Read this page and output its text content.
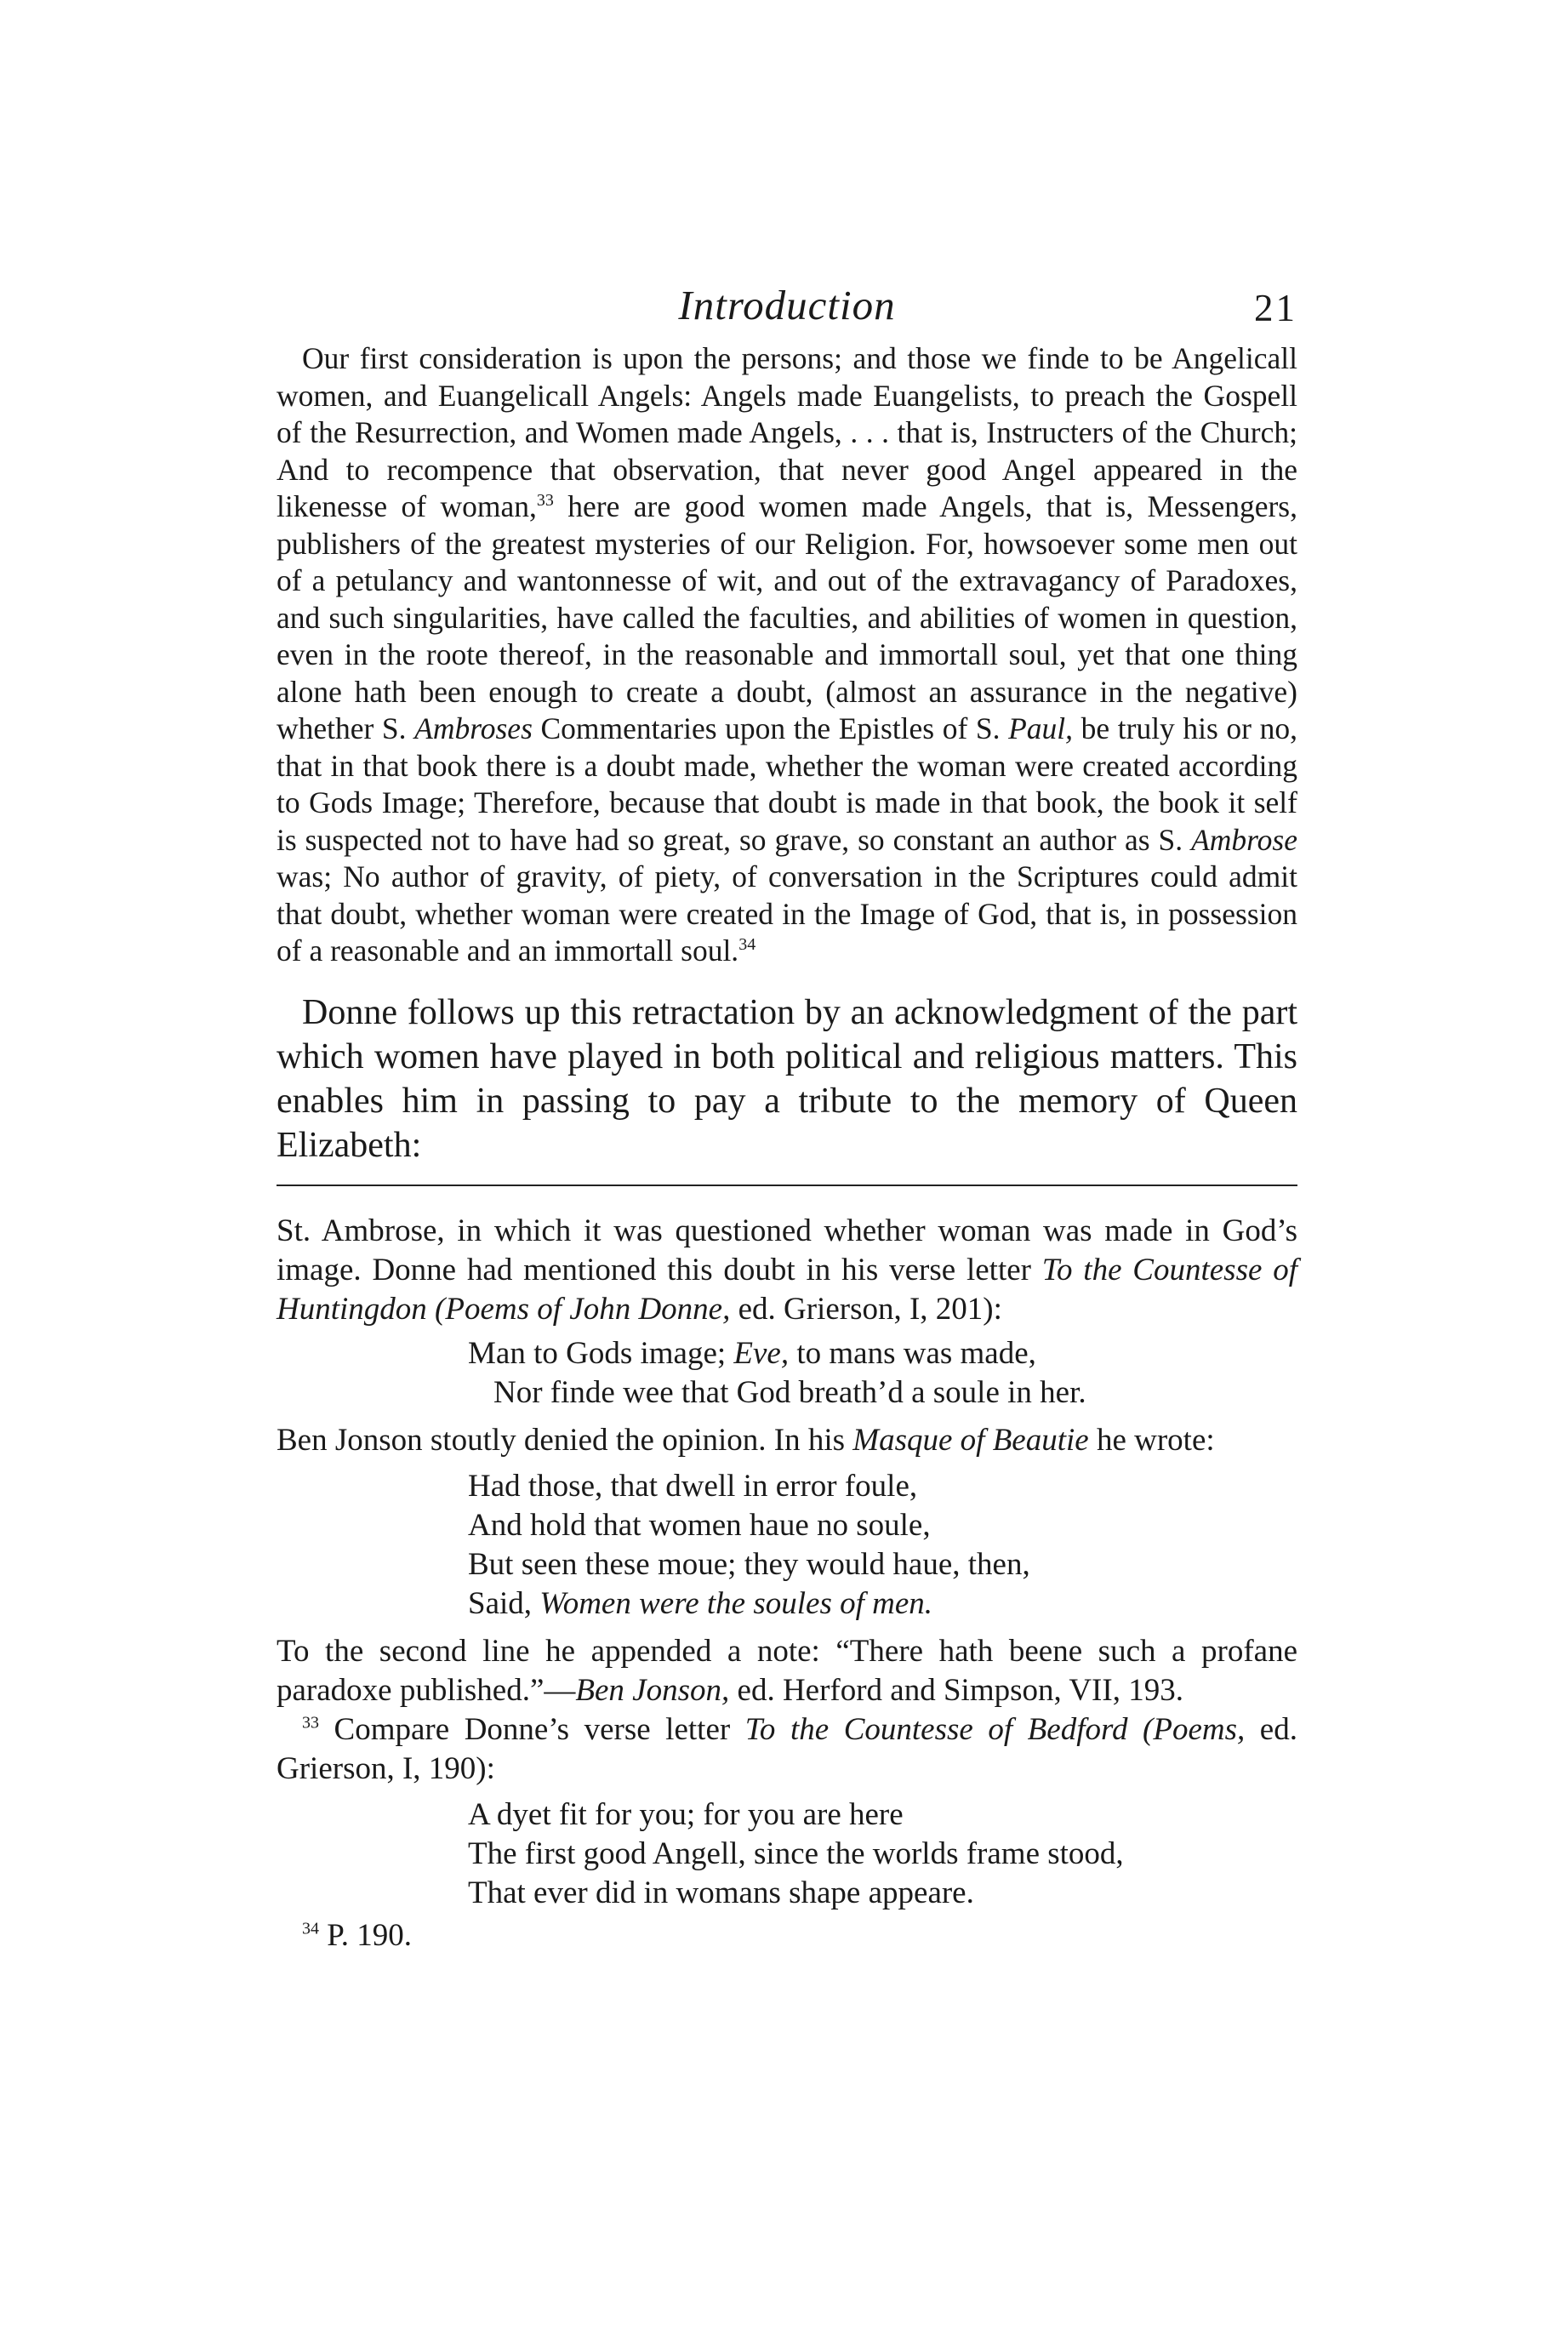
Introduction	21

Our first consideration is upon the persons; and those we finde to be Angelicall women, and Euangelicall Angels: Angels made Euangelists, to preach the Gospell of the Resurrection, and Women made Angels, . . . that is, Instructers of the Church; And to recompence that observation, that never good Angel appeared in the likenesse of woman,$^{33}$ here are good women made Angels, that is, Messengers, publishers of the greatest mysteries of our Religion. For, howsoever some men out of a petulancy and wantonnesse of wit, and out of the extravagancy of Paradoxes, and such singularities, have called the faculties, and abilities of women in question, even in the roote thereof, in the reasonable and immortall soul, yet that one thing alone hath been enough to create a doubt, (almost an assurance in the negative) whether S. Ambroses Commentaries upon the Epistles of S. Paul, be truly his or no, that in that book there is a doubt made, whether the woman were created according to Gods Image; Therefore, because that doubt is made in that book, the book it self is suspected not to have had so great, so grave, so constant an author as S. Ambrose was; No author of gravity, of piety, of conversation in the Scriptures could admit that doubt, whether woman were created in the Image of God, that is, in possession of a reasonable and an immortall soul.$^{34}$

Donne follows up this retractation by an acknowledgment of the part which women have played in both political and religious matters. This enables him in passing to pay a tribute to the memory of Queen Elizabeth:

St. Ambrose, in which it was questioned whether woman was made in God’s image. Donne had mentioned this doubt in his verse letter To the Countesse of Huntingdon (Poems of John Donne, ed. Grierson, I, 201):

Man to Gods image; Eve, to mans was made,
Nor finde wee that God breath’d a soule in her.

Ben Jonson stoutly denied the opinion. In his Masque of Beautie he wrote:

Had those, that dwell in error foule,
And hold that women haue no soule,
But seen these moue; they would haue, then,
Said, Women were the soules of men.

To the second line he appended a note: “There hath beene such a profane paradoxe published.”—Ben Jonson, ed. Herford and Simpson, VII, 193.

$^{33}$ Compare Donne’s verse letter To the Countesse of Bedford (Poems, ed. Grierson, I, 190):

A dyet fit for you; for you are here
The first good Angell, since the worlds frame stood,
That ever did in womans shape appeare.

$^{34}$ P. 190.
